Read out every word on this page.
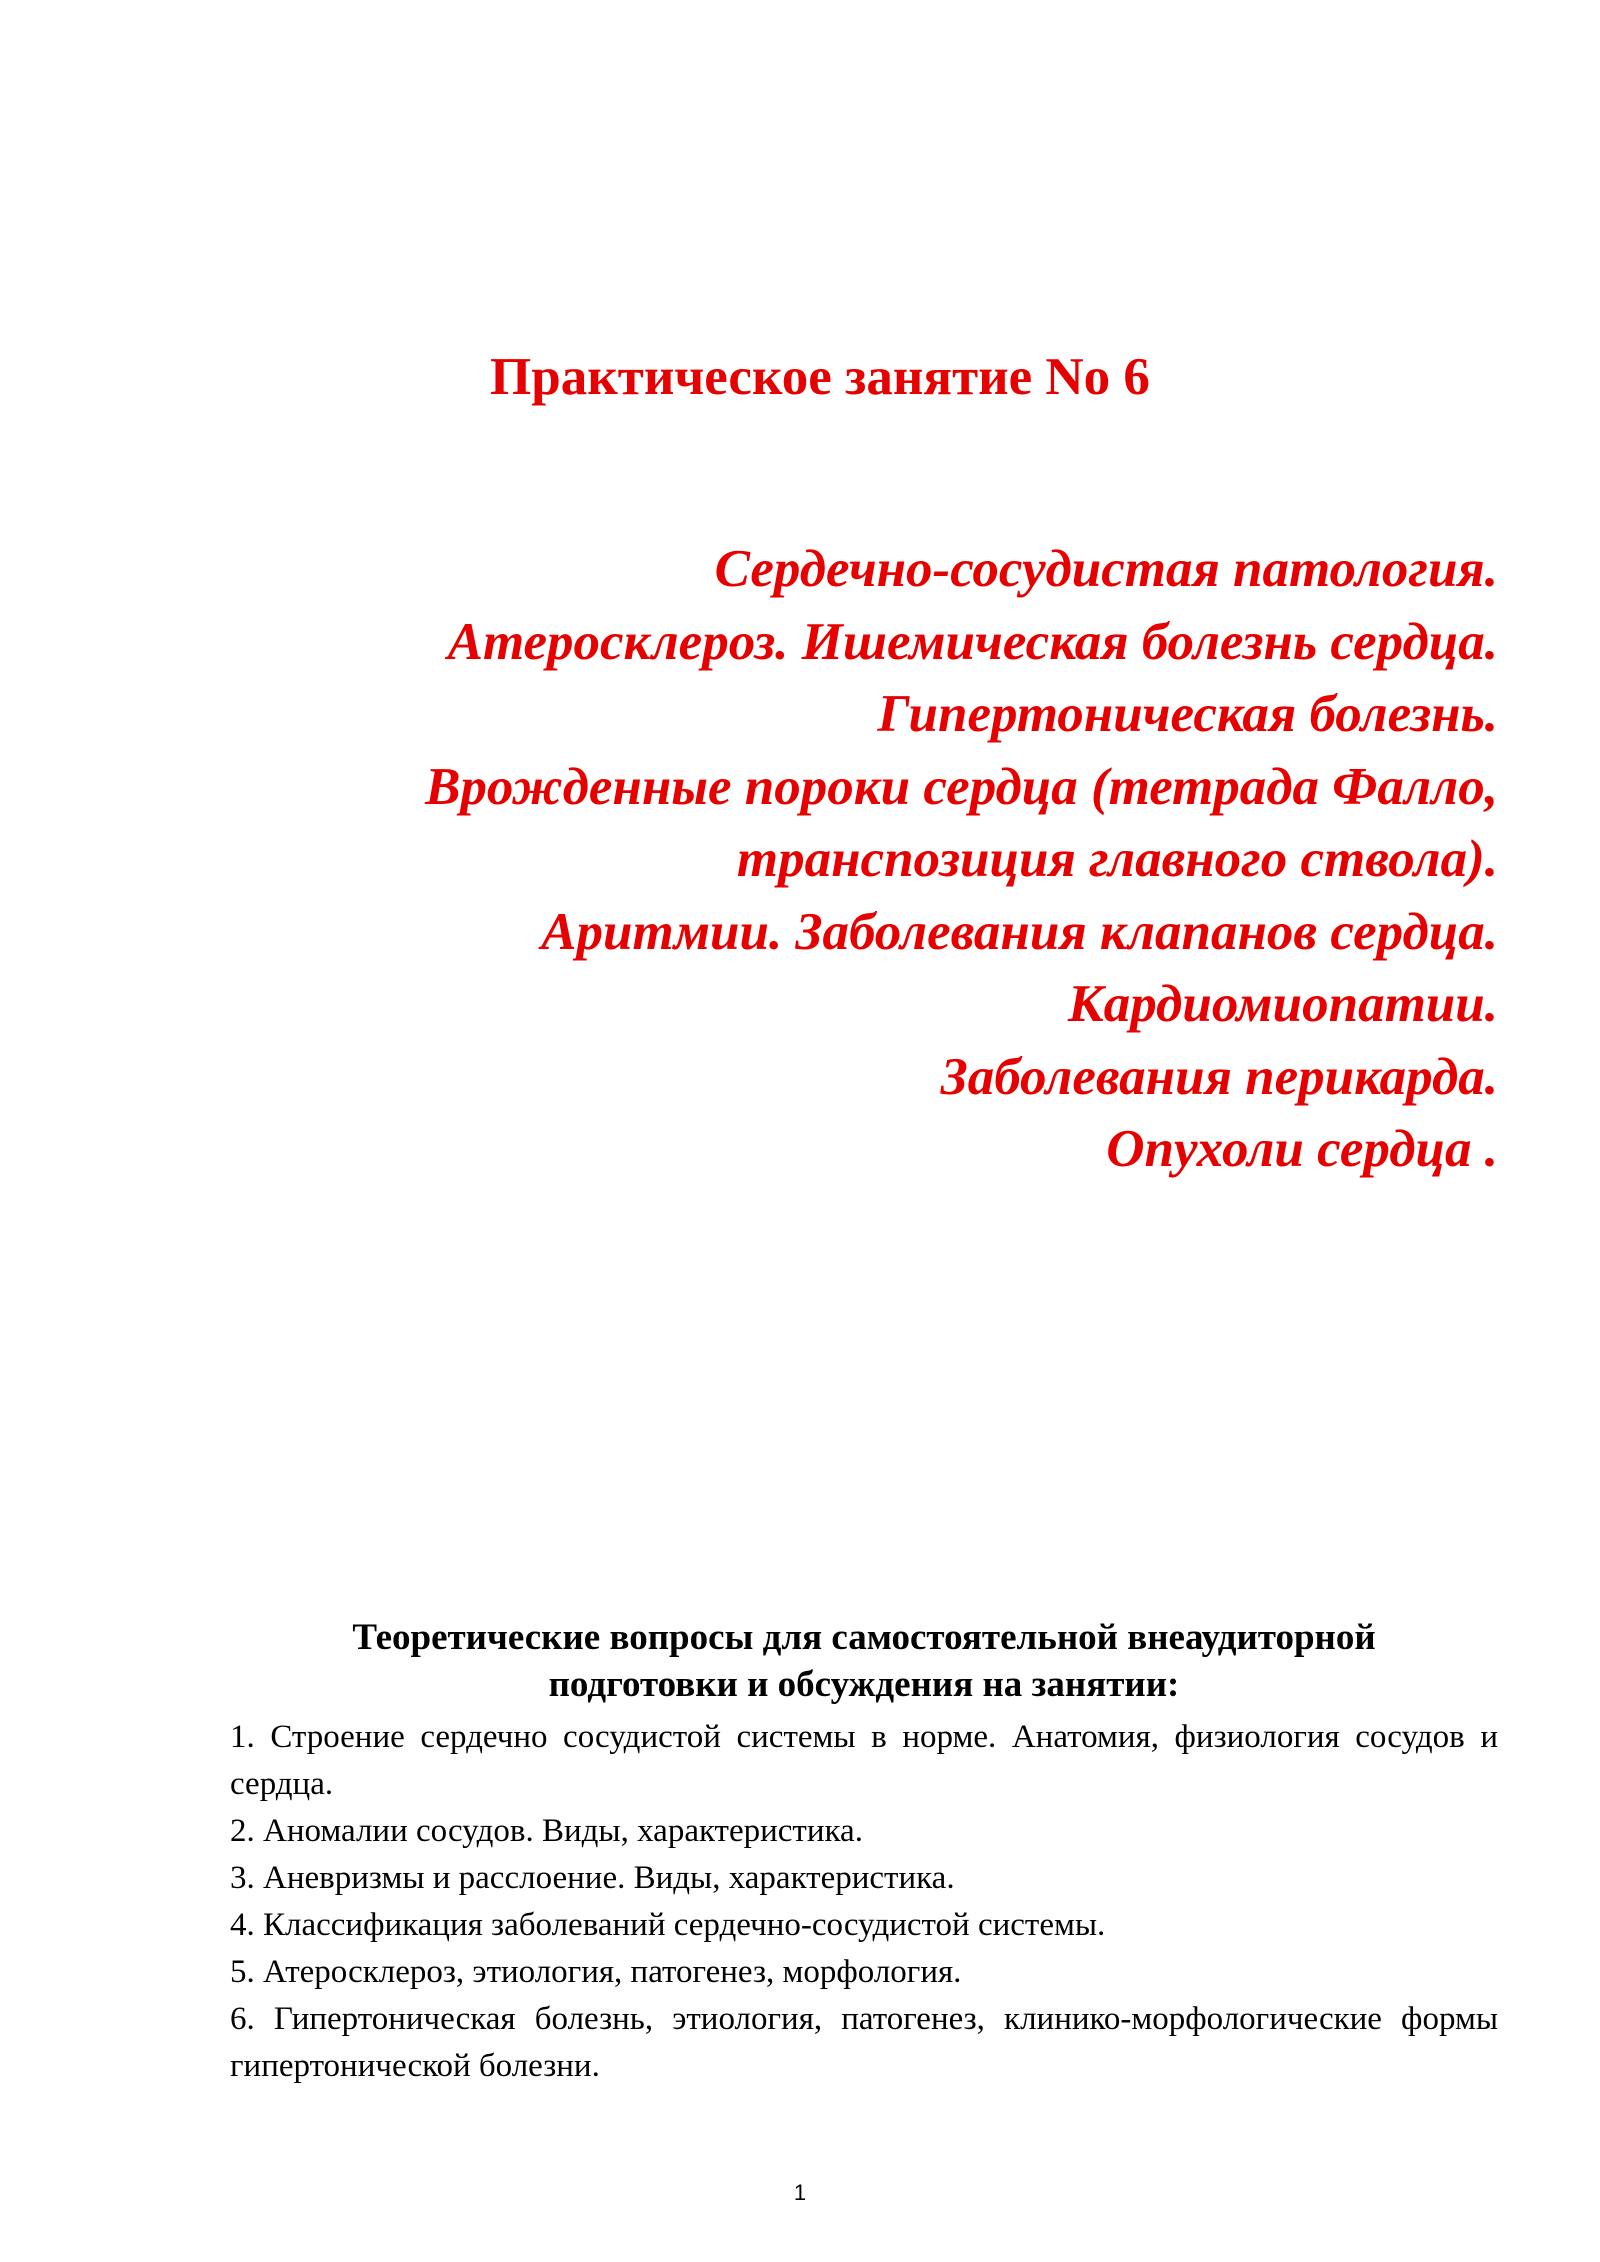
Практическое занятие No 6
Сердечно-сосудистая патология.
Атеросклероз. Ишемическая болезнь сердца.
Гипертоническая болезнь.
Врожденные пороки сердца (тетрада Фалло,
транспозиция главного ствола).
Аритмии. Заболевания клапанов сердца.
Кардиомиопатии.
Заболевания перикарда.
Опухоли сердца .
Теоретические вопросы для самостоятельной внеаудиторной
подготовки и обсуждения на занятии:
1. Строение сердечно сосудистой системы в норме. Анатомия, физиология сосудов и сердца.
2. Аномалии сосудов. Виды, характеристика.
3. Аневризмы и расслоение. Виды, характеристика.
4. Классификация заболеваний сердечно-сосудистой системы.
5. Атеросклероз, этиология, патогенез, морфология.
6. Гипертоническая болезнь, этиология, патогенез, клинико-морфологические формы гипертонической болезни.
1
